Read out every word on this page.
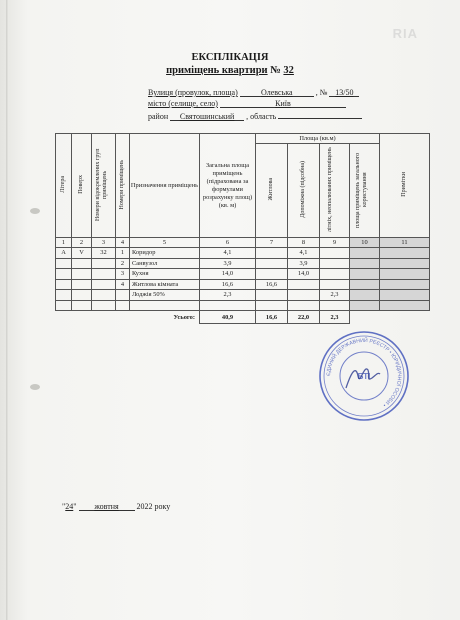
RIA
ЕКСПЛІКАЦІЯ
приміщень квартири № 32
Вулиця (провулок, площа)	Олевська	, № 13/50
місто (селище, село)	Київ
район Святошинський , область
Літера	Поверх	Номери відокремлених груп приміщень	Номери приміщень	Призначення приміщень	Загальна площа приміщень (підрахована за формулами розрахунку площ) (кв. м)	Площа (кв.м)				Примітки
						Житлова	Допоміжна (підсобна)	літніх, неопалюваних приміщень	площа приміщень загального користування	
1	2	3	4	5	6	7	8	9	10	11
А	V	32	1	Коридор	4,1		4,1			
			2	Санвузол	3,9		3,9			
			3	Кухня	14,0		14,0			
			4	Житлова кімната	16,6	16,6				
				Лоджія 50%	2,3			2,3		

Усього:					40,9	16,6	22,0	2,3		
ЄДИНИЙ ДЕРЖАВНИЙ РЕЄСТР • ЮРИДИЧНОЇ ОСОБИ •
БТІ
"24" жовтня 2022 року
